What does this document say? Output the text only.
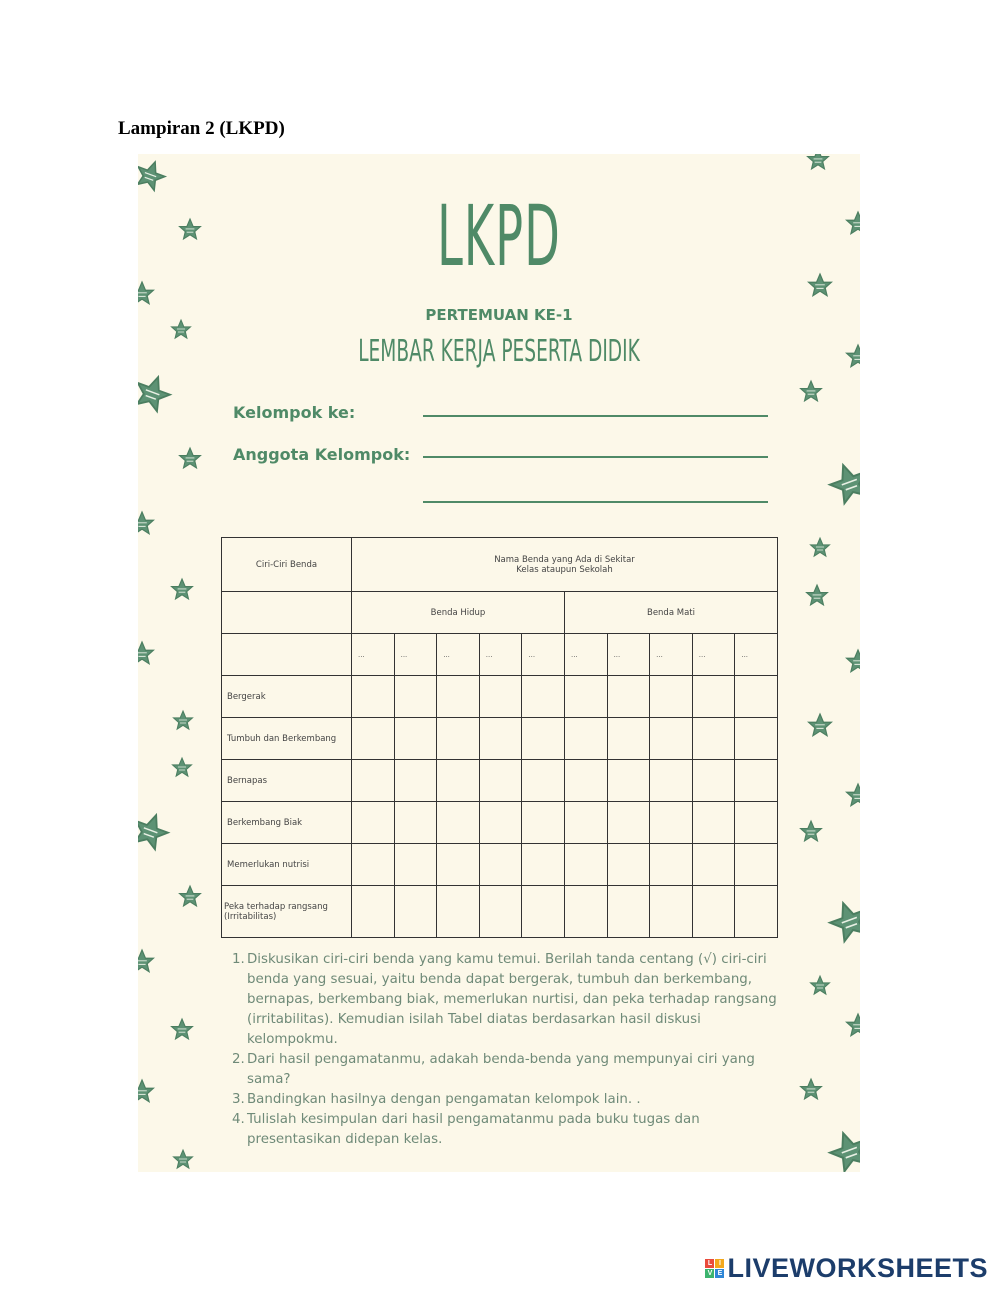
Lampiran 2 (LKPD)
LKPD
PERTEMUAN KE-1
LEMBAR KERJA PESERTA DIDIK
Kelompok ke:
Anggota Kelompok:
Ciri-Ciri Benda	Nama Benda yang Ada di Sekitar Kelas ataupun Sekolah									
	Benda Hidup					Benda Mati				
	...	...	...	...	...	...	...	...	...	...
Bergerak										
Tumbuh dan Berkembang										
Bernapas										
Berkembang Biak										
Memerlukan nutrisi										
Peka terhadap rangsang (Irritabilitas)										
1. Diskusikan ciri-ciri benda yang kamu temui. Berilah tanda centang (√) ciri-ciri benda yang sesuai, yaitu benda dapat bergerak, tumbuh dan berkembang, bernapas, berkembang biak, memerlukan nurtisi, dan peka terhadap rangsang (irritabilitas). Kemudian isilah Tabel diatas berdasarkan hasil diskusi kelompokmu.
2. Dari hasil pengamatanmu, adakah benda-benda yang mempunyai ciri yang sama?
3. Bandingkan hasilnya dengan pengamatan kelompok lain. .
4. Tulislah kesimpulan dari hasil pengamatanmu pada buku tugas dan presentasikan didepan kelas.
L I
V E LIVEWORKSHEETS
